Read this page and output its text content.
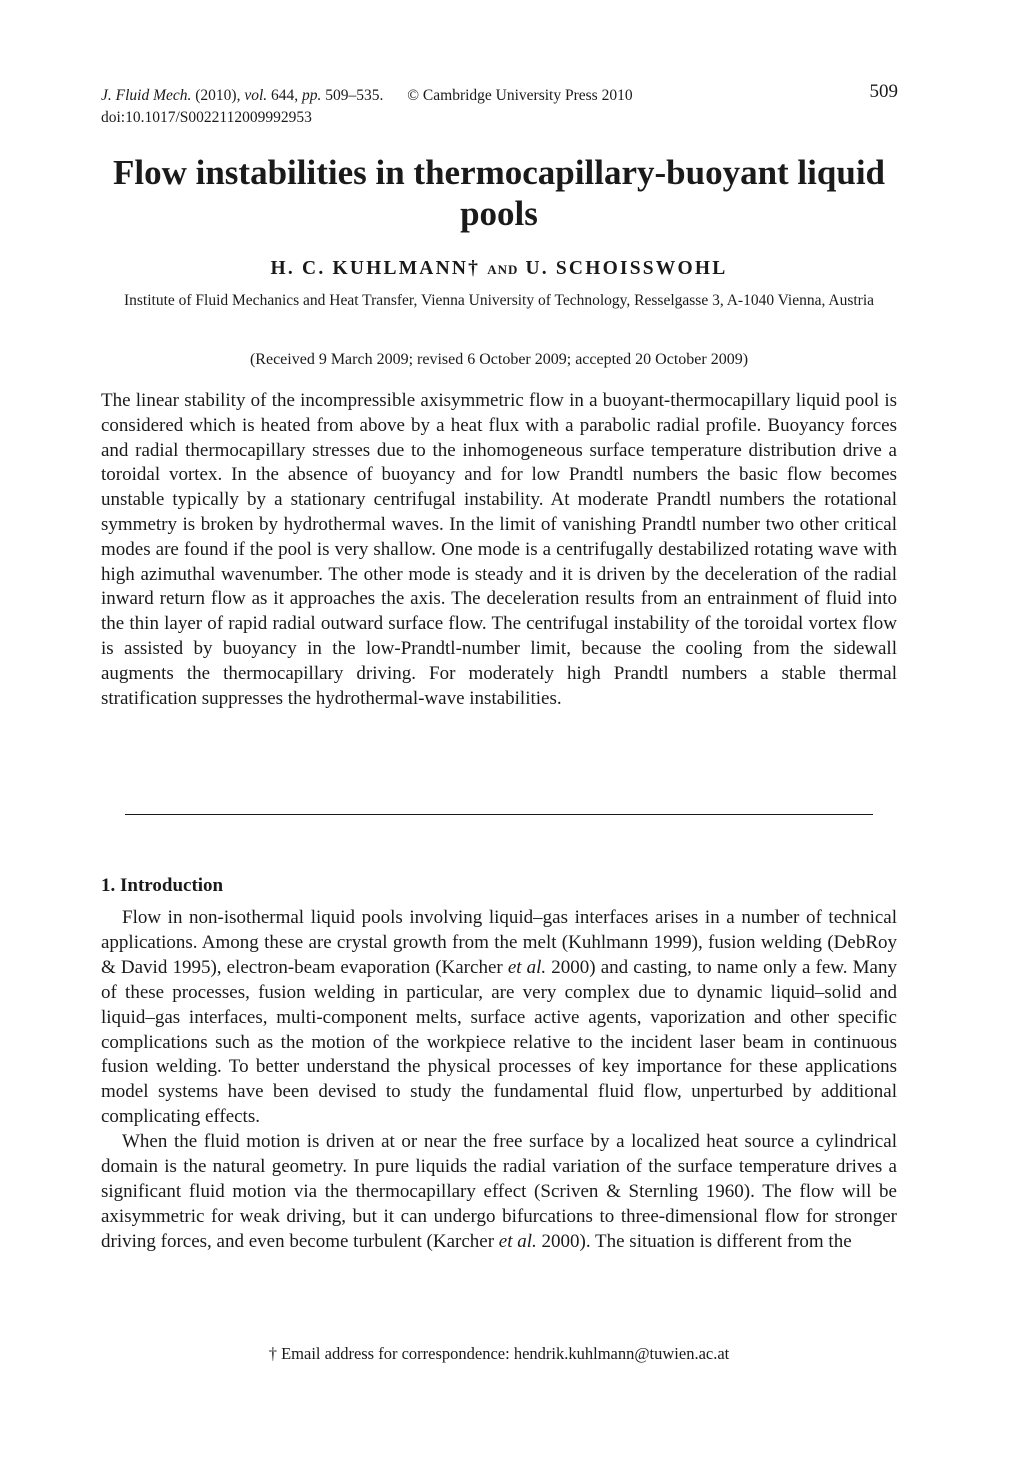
J. Fluid Mech. (2010), vol. 644, pp. 509–535. © Cambridge University Press 2010
doi:10.1017/S0022112009992953
509
Flow instabilities in thermocapillary-buoyant liquid pools
H. C. KUHLMANN† AND U. SCHOISSWOHL
Institute of Fluid Mechanics and Heat Transfer, Vienna University of Technology, Resselgasse 3, A-1040 Vienna, Austria
(Received 9 March 2009; revised 6 October 2009; accepted 20 October 2009)

The linear stability of the incompressible axisymmetric flow in a buoyant-thermocapillary liquid pool is considered which is heated from above by a heat flux with a parabolic radial profile. Buoyancy forces and radial thermocapillary stresses due to the inhomogeneous surface temperature distribution drive a toroidal vortex. In the absence of buoyancy and for low Prandtl numbers the basic flow becomes unstable typically by a stationary centrifugal instability. At moderate Prandtl numbers the rotational symmetry is broken by hydrothermal waves. In the limit of vanishing Prandtl number two other critical modes are found if the pool is very shallow. One mode is a centrifugally destabilized rotating wave with high azimuthal wavenumber. The other mode is steady and it is driven by the deceleration of the radial inward return flow as it approaches the axis. The deceleration results from an entrainment of fluid into the thin layer of rapid radial outward surface flow. The centrifugal instability of the toroidal vortex flow is assisted by buoyancy in the low-Prandtl-number limit, because the cooling from the sidewall augments the thermocapillary driving. For moderately high Prandtl numbers a stable thermal stratification suppresses the hydrothermal-wave instabilities.

1. Introduction

Flow in non-isothermal liquid pools involving liquid–gas interfaces arises in a number of technical applications. Among these are crystal growth from the melt (Kuhlmann 1999), fusion welding (DebRoy & David 1995), electron-beam evaporation (Karcher et al. 2000) and casting, to name only a few. Many of these processes, fusion welding in particular, are very complex due to dynamic liquid–solid and liquid–gas interfaces, multi-component melts, surface active agents, vaporization and other specific complications such as the motion of the workpiece relative to the incident laser beam in continuous fusion welding. To better understand the physical processes of key importance for these applications model systems have been devised to study the fundamental fluid flow, unperturbed by additional complicating effects.

When the fluid motion is driven at or near the free surface by a localized heat source a cylindrical domain is the natural geometry. In pure liquids the radial variation of the surface temperature drives a significant fluid motion via the thermocapillary effect (Scriven & Sternling 1960). The flow will be axisymmetric for weak driving, but it can undergo bifurcations to three-dimensional flow for stronger driving forces, and even become turbulent (Karcher et al. 2000). The situation is different from the

† Email address for correspondence: hendrik.kuhlmann@tuwien.ac.at
